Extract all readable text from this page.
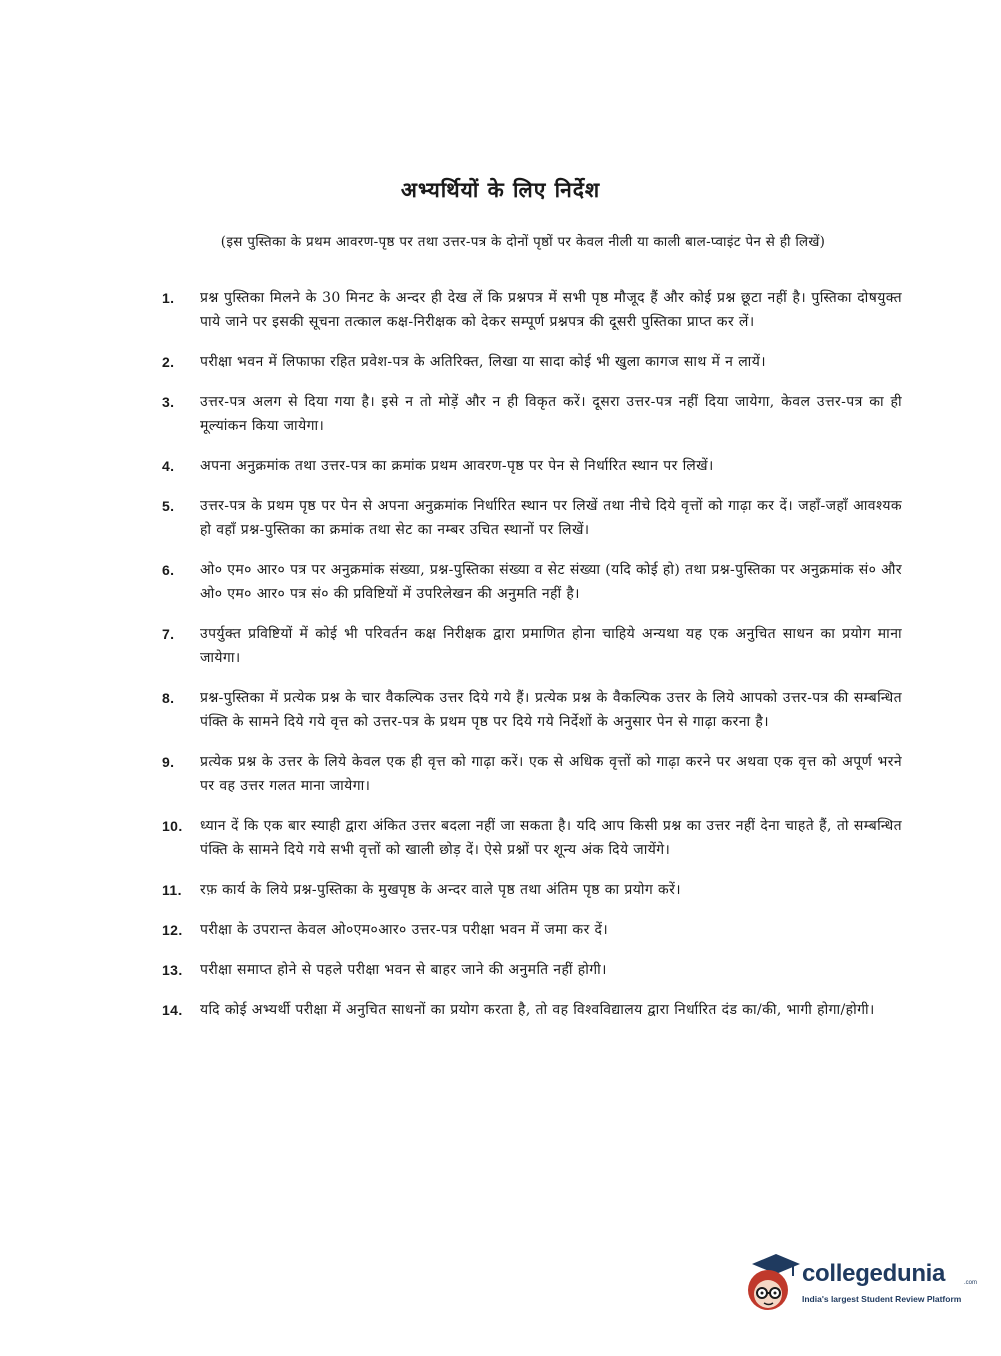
अभ्यर्थियों के लिए निर्देश
(इस पुस्तिका के प्रथम आवरण-पृष्ठ पर तथा उत्तर-पत्र के दोनों पृष्ठों पर केवल नीली या काली बाल-प्वाइंट पेन से ही लिखें)
1. प्रश्न पुस्तिका मिलने के 30 मिनट के अन्दर ही देख लें कि प्रश्नपत्र में सभी पृष्ठ मौजूद हैं और कोई प्रश्न छूटा नहीं है। पुस्तिका दोषयुक्त पाये जाने पर इसकी सूचना तत्काल कक्ष-निरीक्षक को देकर सम्पूर्ण प्रश्नपत्र की दूसरी पुस्तिका प्राप्त कर लें।
2. परीक्षा भवन में लिफाफा रहित प्रवेश-पत्र के अतिरिक्त, लिखा या सादा कोई भी खुला कागज साथ में न लायें।
3. उत्तर-पत्र अलग से दिया गया है। इसे न तो मोड़ें और न ही विकृत करें। दूसरा उत्तर-पत्र नहीं दिया जायेगा, केवल उत्तर-पत्र का ही मूल्यांकन किया जायेगा।
4. अपना अनुक्रमांक तथा उत्तर-पत्र का क्रमांक प्रथम आवरण-पृष्ठ पर पेन से निर्धारित स्थान पर लिखें।
5. उत्तर-पत्र के प्रथम पृष्ठ पर पेन से अपना अनुक्रमांक निर्धारित स्थान पर लिखें तथा नीचे दिये वृत्तों को गाढ़ा कर दें। जहाँ-जहाँ आवश्यक हो वहाँ प्रश्न-पुस्तिका का क्रमांक तथा सेट का नम्बर उचित स्थानों पर लिखें।
6. ओ० एम० आर० पत्र पर अनुक्रमांक संख्या, प्रश्न-पुस्तिका संख्या व सेट संख्या (यदि कोई हो) तथा प्रश्न-पुस्तिका पर अनुक्रमांक सं० और ओ० एम० आर० पत्र सं० की प्रविष्टियों में उपरिलेखन की अनुमति नहीं है।
7. उपर्युक्त प्रविष्टियों में कोई भी परिवर्तन कक्ष निरीक्षक द्वारा प्रमाणित होना चाहिये अन्यथा यह एक अनुचित साधन का प्रयोग माना जायेगा।
8. प्रश्न-पुस्तिका में प्रत्येक प्रश्न के चार वैकल्पिक उत्तर दिये गये हैं। प्रत्येक प्रश्न के वैकल्पिक उत्तर के लिये आपको उत्तर-पत्र की सम्बन्धित पंक्ति के सामने दिये गये वृत्त को उत्तर-पत्र के प्रथम पृष्ठ पर दिये गये निर्देशों के अनुसार पेन से गाढ़ा करना है।
9. प्रत्येक प्रश्न के उत्तर के लिये केवल एक ही वृत्त को गाढ़ा करें। एक से अधिक वृत्तों को गाढ़ा करने पर अथवा एक वृत्त को अपूर्ण भरने पर वह उत्तर गलत माना जायेगा।
10. ध्यान दें कि एक बार स्याही द्वारा अंकित उत्तर बदला नहीं जा सकता है। यदि आप किसी प्रश्न का उत्तर नहीं देना चाहते हैं, तो सम्बन्धित पंक्ति के सामने दिये गये सभी वृत्तों को खाली छोड़ दें। ऐसे प्रश्नों पर शून्य अंक दिये जायेंगे।
11. रफ़ कार्य के लिये प्रश्न-पुस्तिका के मुखपृष्ठ के अन्दर वाले पृष्ठ तथा अंतिम पृष्ठ का प्रयोग करें।
12. परीक्षा के उपरान्त केवल ओ०एम०आर० उत्तर-पत्र परीक्षा भवन में जमा कर दें।
13. परीक्षा समाप्त होने से पहले परीक्षा भवन से बाहर जाने की अनुमति नहीं होगी।
14. यदि कोई अभ्यर्थी परीक्षा में अनुचित साधनों का प्रयोग करता है, तो वह विश्वविद्यालय द्वारा निर्धारित दंड का/की, भागी होगा/होगी।
collegedunia	.com
India's largest Student Review Platform
